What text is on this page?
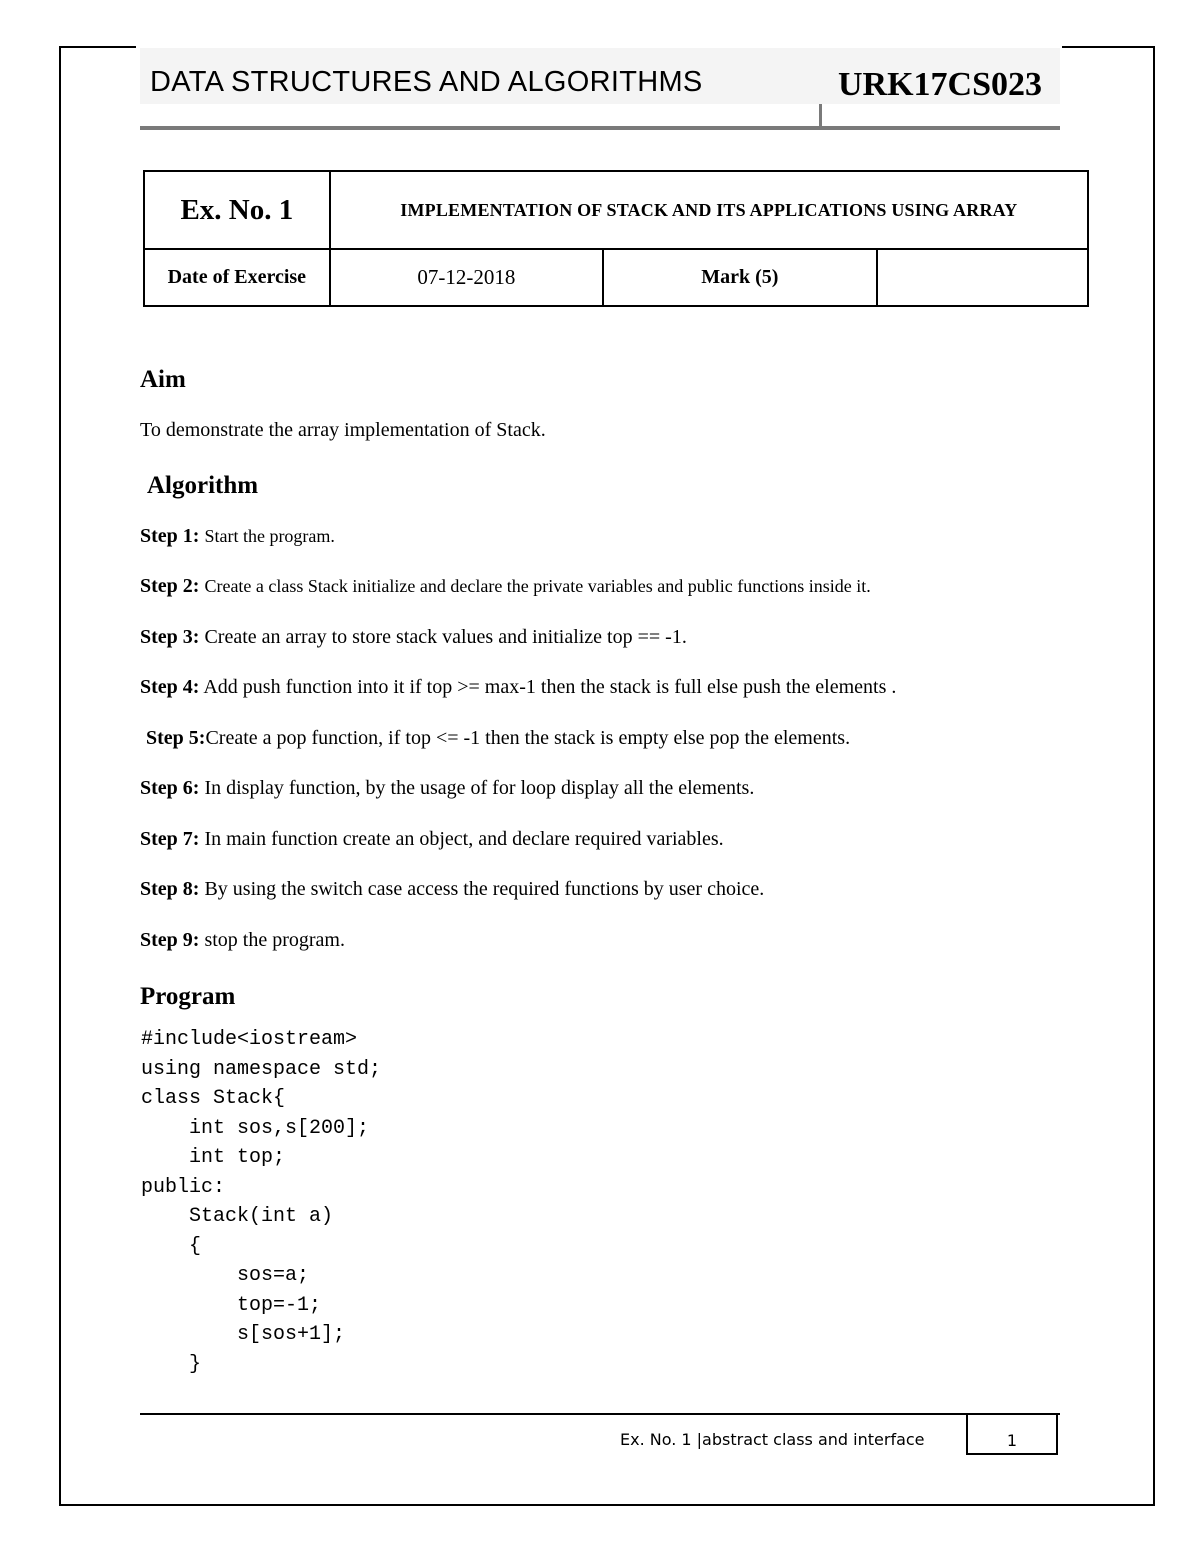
DATA STRUCTURES AND ALGORITHMS	URK17CS023
Ex. No. 1	IMPLEMENTATION OF STACK AND ITS APPLICATIONS USING ARRAY		
Date of Exercise	07-12-2018	Mark (5)	
Aim
To demonstrate the array implementation of Stack.
Algorithm
Step 1: Start the program.
Step 2: Create a class Stack initialize and declare the private variables and public functions inside it.
Step 3: Create an array to store stack values and initialize top == -1.
Step 4: Add push function into it if top >= max-1 then the stack is full else push the elements .
Step 5:Create a pop function, if top <= -1 then the stack is empty else pop the elements.
Step 6: In display function, by the usage of for loop display all the elements.
Step 7: In main function create an object, and declare required variables.
Step 8: By using the switch case access the required functions by user choice.
Step 9: stop the program.
Program
#include<iostream>
using namespace std;
class Stack{
int sos,s[200];
int top;
public:
Stack(int a)
{
sos=a;
top=-1;
s[sos+1];
}
Ex. No. 1 |abstract class and interface	1
